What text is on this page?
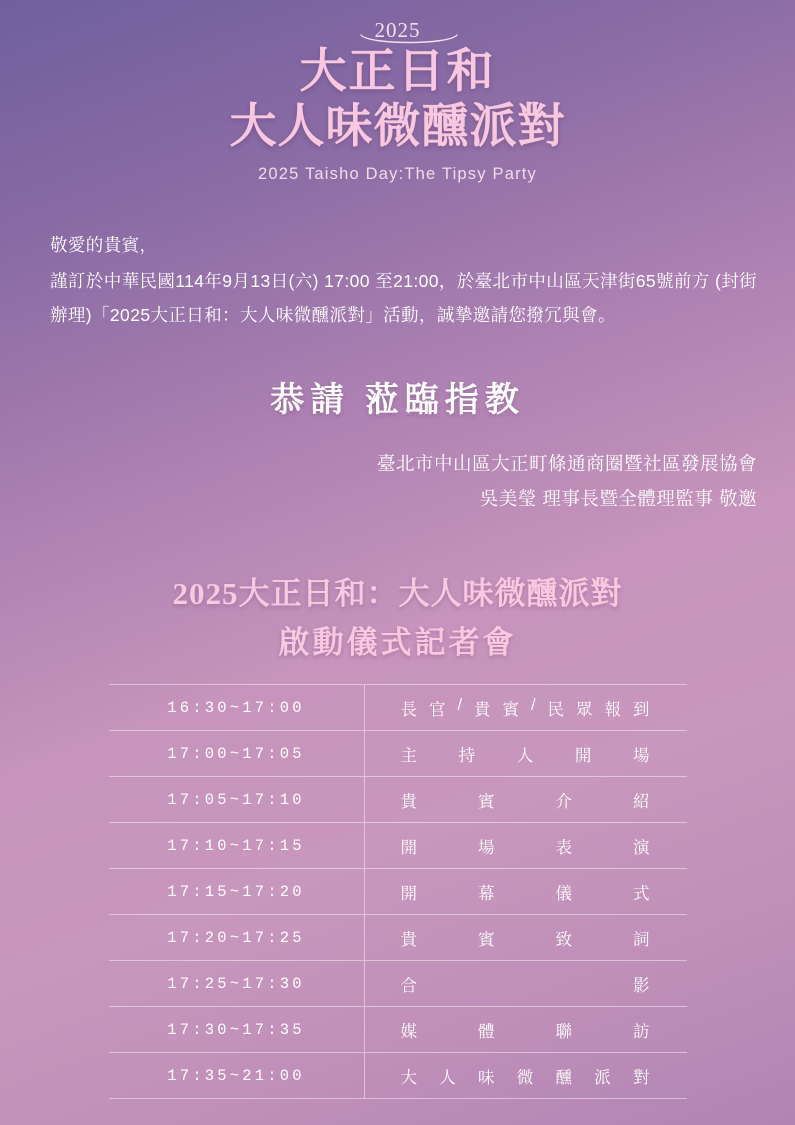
2025
大正日和
大人味微醺派對
2025 Taisho Day:The Tipsy Party

敬愛的貴賓，

謹訂於中華民國114年9月13日(六) 17:00 至21:00，於臺北市中山區天津街65號前方 (封街辦理)「2025大正日和：大人味微醺派對」活動，誠摯邀請您撥冗與會。

恭請 蒞臨指教
臺北市中山區大正町條通商圈暨社區發展協會
吳美瑩 理事長暨全體理監事 敬邀
2025大正日和：大人味微醺派對
啟動儀式記者會
16:30~17:00	長 官 / 貴 賓 / 民 眾 報 到

17:00~17:05	主 持 人 開 場

17:05~17:10	貴 賓 介 紹

17:10~17:15	開 場 表 演

17:15~17:20	開 幕 儀 式

17:20~17:25	貴 賓 致 詞

17:25~17:30	合 影

17:30~17:35	媒 體 聯 訪

17:35~21:00	大 人 味 微 醺 派 對
